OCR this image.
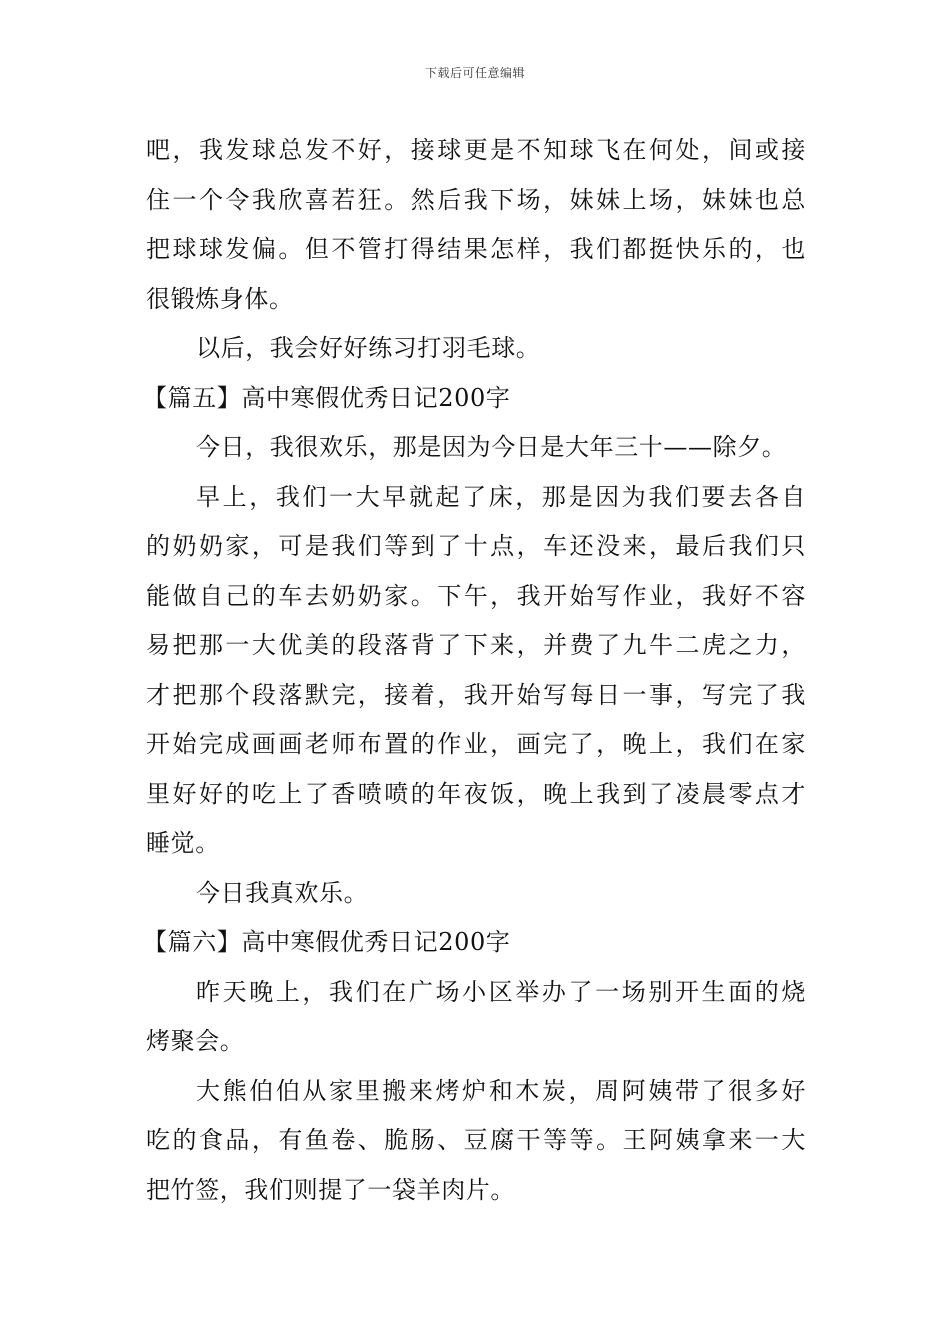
下载后可任意编辑
吧，我发球总发不好，接球更是不知球飞在何处，间或接
住一个令我欣喜若狂。然后我下场，妹妹上场，妹妹也总
把球球发偏。但不管打得结果怎样，我们都挺快乐的，也
很锻炼身体。
以后，我会好好练习打羽毛球。
【篇五】高中寒假优秀日记200字
今日，我很欢乐，那是因为今日是大年三十——除夕。
早上，我们一大早就起了床，那是因为我们要去各自
的奶奶家，可是我们等到了十点，车还没来，最后我们只
能做自己的车去奶奶家。下午，我开始写作业，我好不容
易把那一大优美的段落背了下来，并费了九牛二虎之力，
才把那个段落默完，接着，我开始写每日一事，写完了我
开始完成画画老师布置的作业，画完了，晚上，我们在家
里好好的吃上了香喷喷的年夜饭，晚上我到了凌晨零点才
睡觉。
今日我真欢乐。
【篇六】高中寒假优秀日记200字
昨天晚上，我们在广场小区举办了一场别开生面的烧
烤聚会。
大熊伯伯从家里搬来烤炉和木炭，周阿姨带了很多好
吃的食品，有鱼卷、脆肠、豆腐干等等。王阿姨拿来一大
把竹签，我们则提了一袋羊肉片。
